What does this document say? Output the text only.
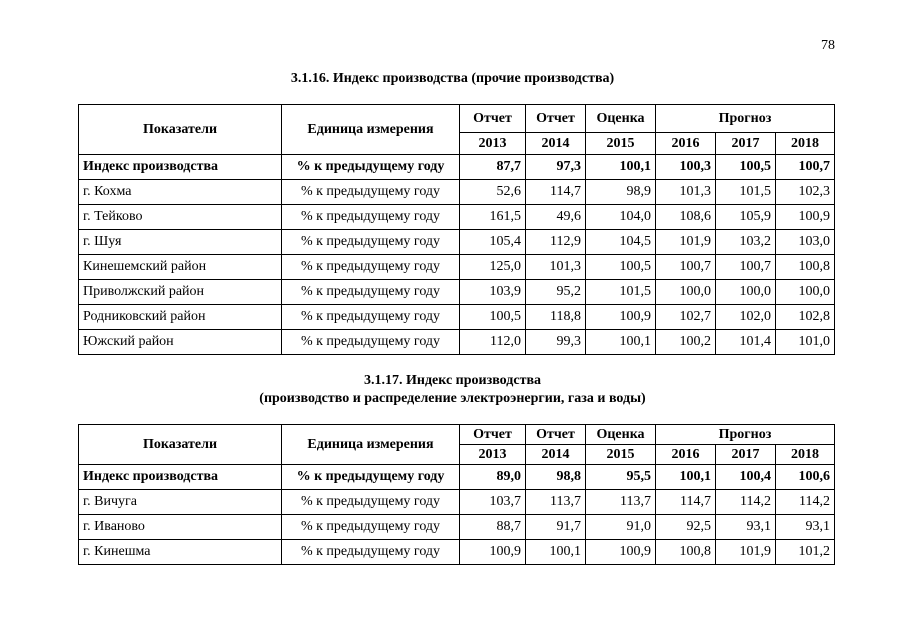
78
3.1.16. Индекс производства (прочие производства)
Показатели	Единица измерения	Отчет	Отчет	Оценка	Прогноз		
		2013	2014	2015	2016	2017	2018
Индекс производства	% к предыдущему году	87,7	97,3	100,1	100,3	100,5	100,7
г. Кохма	% к предыдущему году	52,6	114,7	98,9	101,3	101,5	102,3
г. Тейково	% к предыдущему году	161,5	49,6	104,0	108,6	105,9	100,9
г. Шуя	% к предыдущему году	105,4	112,9	104,5	101,9	103,2	103,0
Кинешемский район	% к предыдущему году	125,0	101,3	100,5	100,7	100,7	100,8
Приволжский район	% к предыдущему году	103,9	95,2	101,5	100,0	100,0	100,0
Родниковский район	% к предыдущему году	100,5	118,8	100,9	102,7	102,0	102,8
Южский район	% к предыдущему году	112,0	99,3	100,1	100,2	101,4	101,0
3.1.17. Индекс производства
(производство и распределение электроэнергии, газа и воды)
Показатели	Единица измерения	Отчет	Отчет	Оценка	Прогноз		
		2013	2014	2015	2016	2017	2018
Индекс производства	% к предыдущему году	89,0	98,8	95,5	100,1	100,4	100,6
г. Вичуга	% к предыдущему году	103,7	113,7	113,7	114,7	114,2	114,2
г. Иваново	% к предыдущему году	88,7	91,7	91,0	92,5	93,1	93,1
г. Кинешма	% к предыдущему году	100,9	100,1	100,9	100,8	101,9	101,2
